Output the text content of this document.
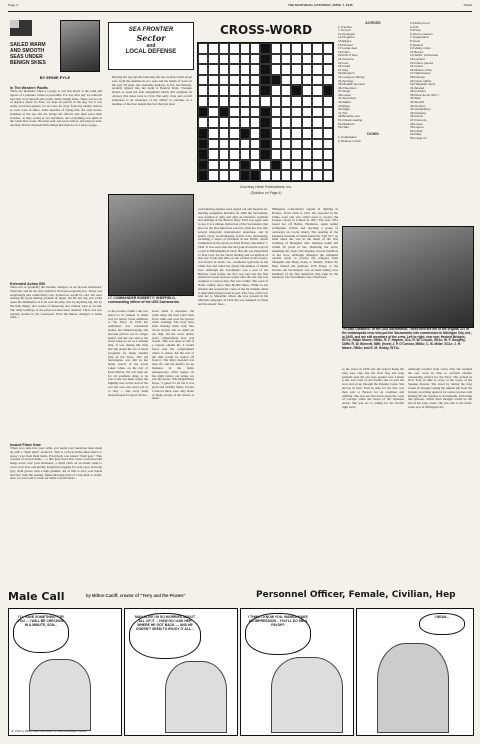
Page 4	THE MASTHEAD, SATURDAY, APRIL 7, 1945	PAGE
SAILED WARM AND SMOOTH SEAS UNDER BENIGN SKIES
BY ERNIE PYLE
In The Western Pacific
There are moments when a voyage to war has much of the calm and repose of a pleasure cruise at peacetime. For day after day we sailed in seas that were smooth and warm, under benign skies. There was no air of urgency about us. True, we kept air patrols in the sky, but it was really a practice gesture, for we were far away from any enemy. Sailors at work were in shirts. Little bunches of flying fish, the only beasts, splashed in the sea. On the bridge the officers and men stood their watches, as they would at sea anywhere, and everything was quiet in the warm blue water. The men read, and wrote letters, and played cards, and they did the thousand little things that men do on a long voyage...
Extended Action Bill
Then ever so gradually the weather changed, as we plowed northward. Yesterday and all the days behind it had been tropically hot. Today was surprisingly and comfortably cool. Tomorrow would be cold. We were nearing the great hurling grounds of Japan. On the last day you could sense the imminence of it all over the ship. Not by anything big, but by the little things. Our weeks of monotony and waiting were at an end. The daily briefings of the pilots became more detailed. There was less playing around in the wardroom. Even the humor changed to battle rules...
Issued Flash Gear
When you come into your cabin, you found your bunk had been made up with a "flash sheet" around it. That is a black rubber-lined sheet, to protect you from flash burns. Everybody was issued "flash gear." That consists of several items — a thin gray hood that covers your head and hangs down over your shoulders; a white cloth on an elastic band to cover your nose and mouth, longsleeve goggles for your eyes; and long gray cloth gloves with a high gauntlet. All of this to save your hands and face from the searing, flame-throwing blast of a big shell or bomb. Also we were told to wear our shirts to flash burns...
SEA FRONTIER
Sector
and
LOCAL DEFENSE
Relying her age and the battering she has received from seven seas, from the enemies in two wars and the hands of crews in the past 30 years, the venerable gunboat, U.S.S. Sacramento, recently slipped into her berth at Benicia Point. Treasure Island, to await her next assignment which will complete an odyssey that dates back to 1914. Her early class and overall smartness is an assurance of her ability to continue as a member of the fleet despite the fact that just prior
LT. COMMANDER ROBERT F. SHEFFIELD, commanding officer of the USS Sacramento.
to the present conflict she was slated to be junked to make way for newer, faster additions to the Navy. In 1939 her usefulness was considered ended, her minesweeping and anti-sub service was no longer useful, and she was sent to the Great Lakes to act as a training ship. It was during this time that she ended his era of naval progenies for many another ship in the Navy. The old Sacramento was still in her home waters of the Great Lakes when, on the day of Pearl Harbor, the call went out for all available ships to be sent to the sea lanes where the fighting was. At the start of the war she was once more put in to duty ... and every hand aboard hoped for good service.
boats when it explodes. On some ships the men paint their faces white and wear fire gloves when working. The boys have been making them look like circus clowns, but we didn't on our ship. On the lower decks, every compartment door was closed. This was done so that if a torpedo should hit, it would flood only the compartment where it struck. All the rest of the ship would be sealed off from it. The ship's hospital was shut off, and the medics set up business in the many passageways. After supper on the night before our strike, we saw the movie "The Magnificent Dope." I guess it's all but it was good and awfully funny. Except I noticed there were only about as many people at the movie as usual.
CROSS-WORD
Courtesy Harte Publications, Inc.
(Solution on Page 4)
ACROSS
1-Transfer
7-Turned
12-Arranges
14-Kingdom
15-Edges
16-Pasteur
17-Large deer
18-Calm
20-Roll of fare
21-Assume
22-Leer
25-Goad
27-Peg
30-Monarch
31-Lampery fishing
33-Apology
35-Metallic element
36-Cheerless
37-Sings
38-Leave
41-Surprised
42-Raftar
43-Edge
44-Rage
47-Tier
48-Breathe over
51-Cheap casting
52-Madman
53-Halo
DOWN
1-Undertaken
2-Hebrew month
3-Perfect food
4-Unit
5-Press
6-Inform natures
7-Unappraisd
8-Issue
9-Noland
10-Valley miles
11-Before
13-Suffix: profession
19-Lament
23-Chess pieces
24-Guitar
26-Minute circle
27-Nightmares
28-Cleaner
29-Close tightly
32-Hawaiian stock
34-Abated
36-Cushion
38-Fleur-de-lis (Her.)
39-Stan
40-Snatch
42-Position
43-Vanquishes
44-Drawing
45-Dumb
47-Dress-by
48-Liquor
49-Layers
50-Chide
52-Daily
53-Large lot
coal-burning engines were ripped out and modern oil-burning equipment installed. In 1940 the Sacramento was recalled to duty and after an extensive overhaul and refitting at the Boston Navy Yard was again sent to sea. It is a unique distinction of the Sacramento that she was the first American vessel to slide her bow into several important international situations, and in nearly every world-shaping events were developing, including a series of incidents in the Pacific which culminated in the attack on Pearl Harbor, December 7, 1941. It was soon after she had gone down the ways in a yard at Philadelphia in 1914, that she was dispatched to Vera Cruz for the Naval landing and occupation of that city. From that time on she cruised in the tropics, was frozen in Arctic ice, weathered typhoons in the China Sea and sailed the glassy smoothness of inland seas. Although the Sacramento was a part of the Barbary coast before the first war and was the first American vessel in those waters after the war, she was assigned to convoy duty that was routine. The coast of Natal, sailing more than 60,000 miles. While in the Atlantic she rescued the crews of the SS Schenk, when it sank while being towed to port. The close of the war sent her to Marseille, where she was present in the Siberian campaign. In 1922 she was assigned to China and the Asiatic fleet...
Philippine constabulary squads in fighting in Borneo. From 1926 to 1931 she operated in the China coast and was called upon to protect the foreign colony in Canton in 1927. The year 1931 found her off Belize, Honduras, again aiding earthquake victims and rescuing a group of castaways on Cocus island. The opening of the Japanese invasion of China found the "Old Sac" on hand when she was in the midst of the first bombing of Shanghai. One Japanese bomb fell within 20 yards of her, shattering her ports, smashing her boats and injuring several members of her crew. Although damaged she remained outside ready to receive the refugees from Shanghai and Hong Kong to Manila. When the Nips blasted the gunboat, USS Panay, to the bottom, the Sacramento was on hand aiding crew members of the first American ship sunk by the Japanese. The Sacramento was called back
"PLANK OWNERS" of the USS Sacramento. These men are ten of the original 227 of the Indianapolis crew who put the Sacramento into commission in Michigan City, Ind., in 1945, and are still members of the crew. Left to right, rear row: Herbert Bridges, WT1c; Ralph Moore, GM1c; R. F. Hayden, S1c; R. W. Crouch, SK1c; W. F. Doughty, CMM; R. W. Bennett, MMl; (front) J. P. O'Connor, MM1c; C. B. Miller, SC1c; J. H. Moore, GM1c; and E. M. Geddy, WT1c.
to the states in 1939 and she started home the long way. One day her fleet flag and long pennant used the old ones around over Canton to the east coast of the Pacific and on past the west and on up through the Panama Canal. She arrived in New York in time for the fair, was then sent to Boston for an overhaul and refitting. She was out and down along the coast of Georgia when she heard of the Japanese attack. She was set to sailing for the Pacific right away.
Although recalled from active duty she reached the east coast in time to perform another outstanding service for the Navy. She arrived in New York in time to serve at the scene of the Squalus disaster. She stood by during the long weeks of struggle raising the sunken sub from the bottom, providing quarters for rescue workers and helping lift the Squalus to Portsmouth. Following this episode, which most thought would be the last in her long career, she was sent to the fresh-water port of Michigan City.
Male Call	by Milton Caniff, creator of "Terry and the Pirates"	Personnel Officer, Female, Civilian, Hep
I'LL HAVE SOMETHING FOR YOU ... I WILL BE CHECKING IN A MINUTE, SON...
(c) 1945 by Milton Caniff, distributed by Camp Newspaper Service
MAN ALIVE I'M SO WORRIED ABOUT ALL OF IT ... HOW DO I ASK HER WHERE HE GOT BACK — AND HE DOESN'T SEEM TO ENJOY IT ALL...
I THINK I KNOW YOU. WANNA MAKE AN IMPRESSION... YOU'LL DO ME A FAVOR?
I MEAN...
